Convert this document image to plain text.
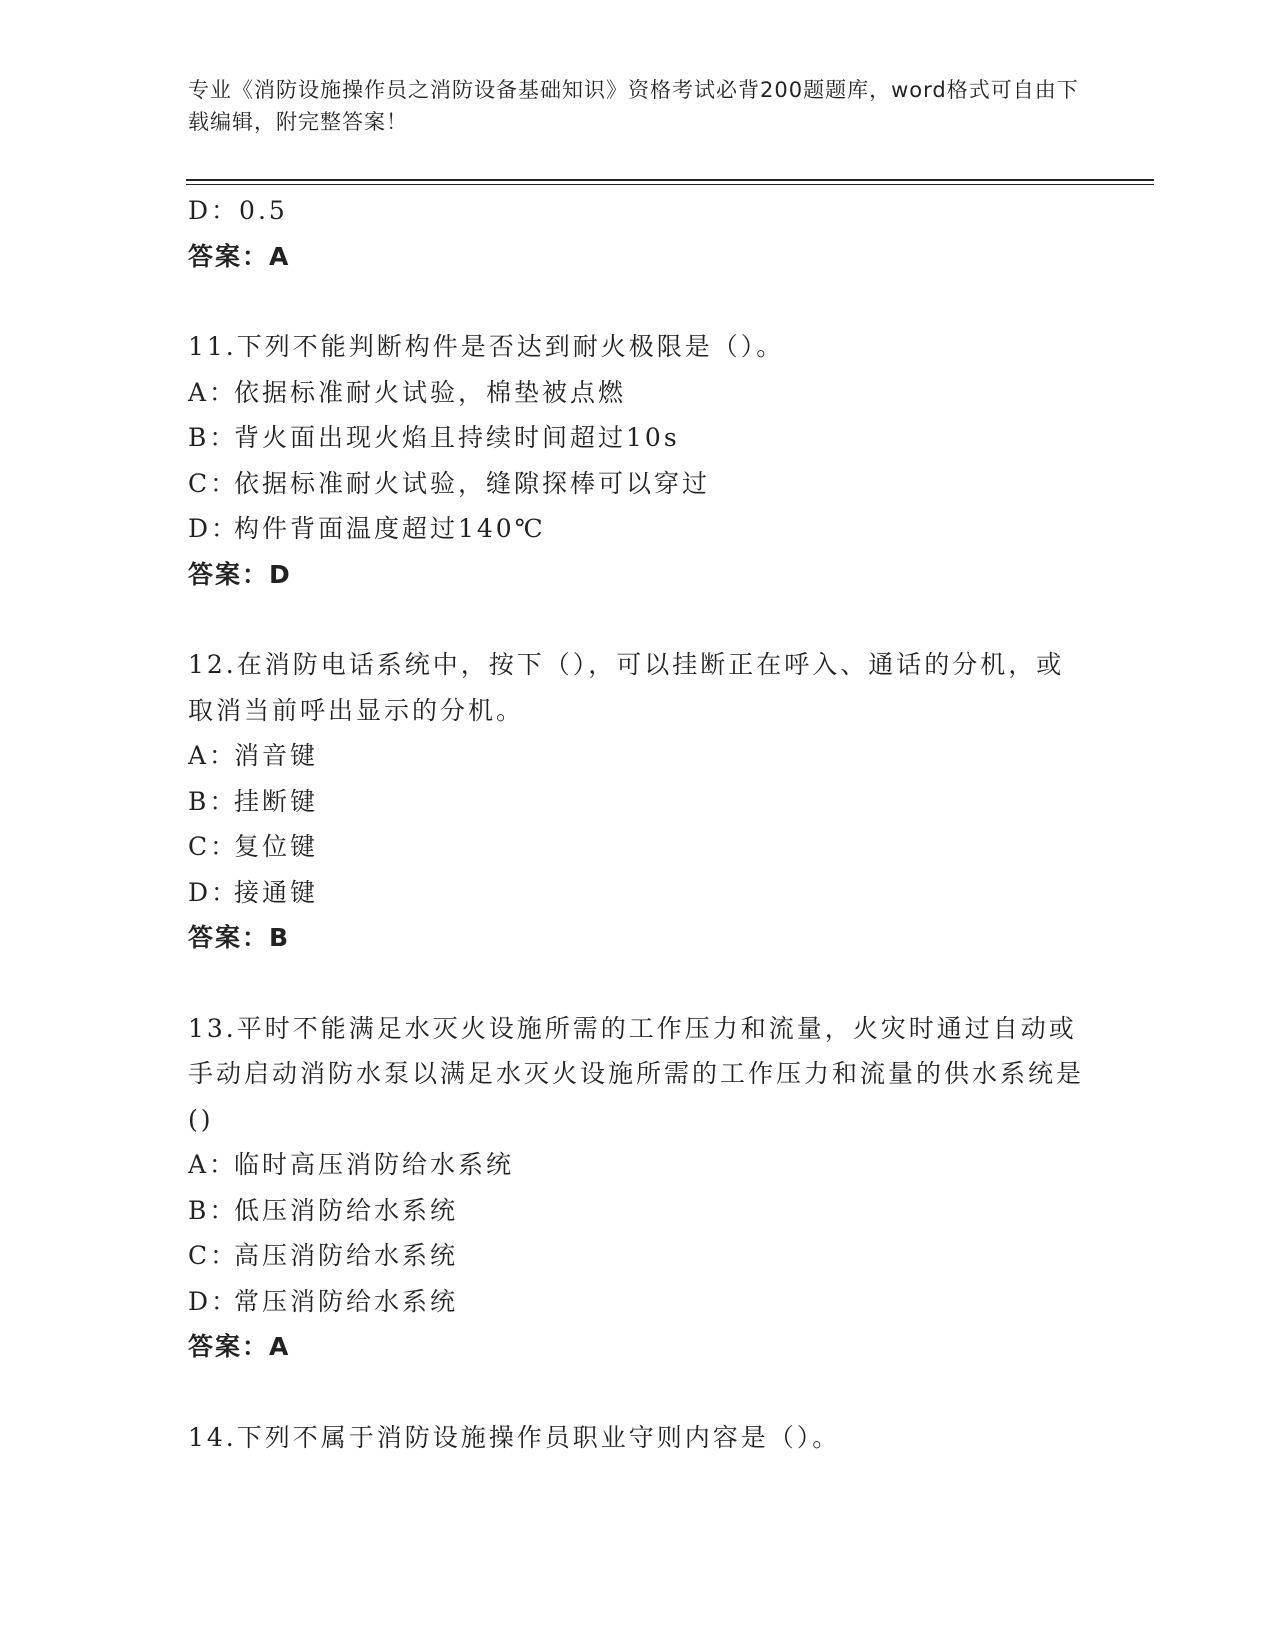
专业《消防设施操作员之消防设备基础知识》资格考试必背200题题库，word格式可自由下载编辑，附完整答案！
D：0.5
答案：A
11.下列不能判断构件是否达到耐火极限是（）。
A：依据标准耐火试验，棉垫被点燃
B：背火面出现火焰且持续时间超过10s
C：依据标准耐火试验，缝隙探棒可以穿过
D：构件背面温度超过140℃
答案：D
12.在消防电话系统中，按下（），可以挂断正在呼入、通话的分机，或取消当前呼出显示的分机。
A：消音键
B：挂断键
C：复位键
D：接通键
答案：B
13.平时不能满足水灭火设施所需的工作压力和流量，火灾时通过自动或手动启动消防水泵以满足水灭火设施所需的工作压力和流量的供水系统是()
A：临时高压消防给水系统
B：低压消防给水系统
C：高压消防给水系统
D：常压消防给水系统
答案：A
14.下列不属于消防设施操作员职业守则内容是（）。
